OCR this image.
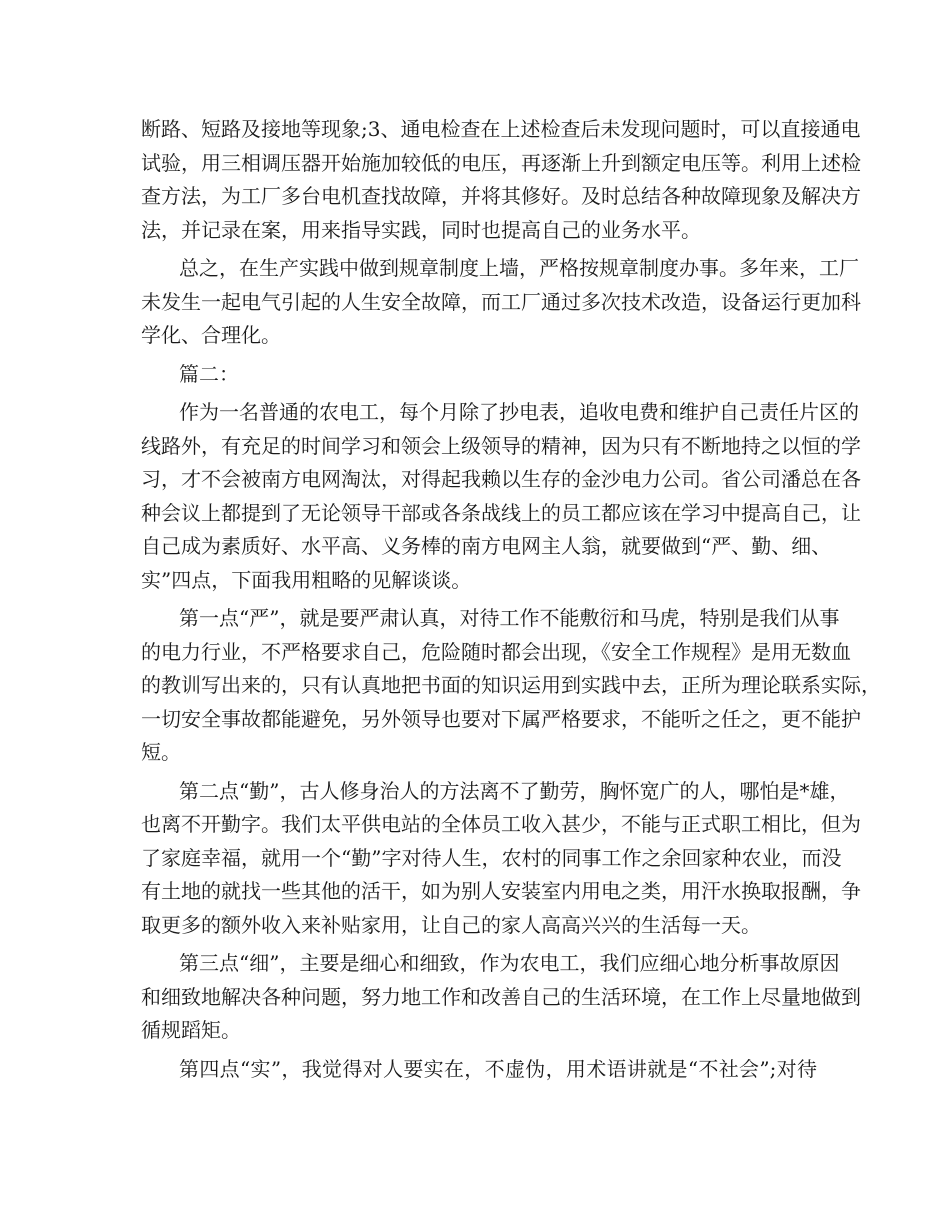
断路、短路及接地等现象;3、通电检查在上述检查后未发现问题时，可以直接通电
试验，用三相调压器开始施加较低的电压，再逐渐上升到额定电压等。利用上述检
查方法，为工厂多台电机查找故障，并将其修好。及时总结各种故障现象及解决方
法，并记录在案，用来指导实践，同时也提高自己的业务水平。

总之，在生产实践中做到规章制度上墙，严格按规章制度办事。多年来，工厂
未发生一起电气引起的人生安全故障，而工厂通过多次技术改造，设备运行更加科
学化、合理化。

篇二：

作为一名普通的农电工，每个月除了抄电表，追收电费和维护自己责任片区的
线路外，有充足的时间学习和领会上级领导的精神，因为只有不断地持之以恒的学
习，才不会被南方电网淘汰，对得起我赖以生存的金沙电力公司。省公司潘总在各
种会议上都提到了无论领导干部或各条战线上的员工都应该在学习中提高自己，让
自己成为素质好、水平高、义务棒的南方电网主人翁，就要做到“严、勤、细、
实”四点，下面我用粗略的见解谈谈。

第一点“严”，就是要严肃认真，对待工作不能敷衍和马虎，特别是我们从事
的电力行业，不严格要求自己，危险随时都会出现，《安全工作规程》是用无数血
的教训写出来的，只有认真地把书面的知识运用到实践中去，正所为理论联系实际，
一切安全事故都能避免，另外领导也要对下属严格要求，不能听之任之，更不能护
短。

第二点“勤”，古人修身治人的方法离不了勤劳，胸怀宽广的人，哪怕是*雄，
也离不开勤字。我们太平供电站的全体员工收入甚少，不能与正式职工相比，但为
了家庭幸福，就用一个“勤”字对待人生，农村的同事工作之余回家种农业，而没
有土地的就找一些其他的活干，如为别人安装室内用电之类，用汗水换取报酬，争
取更多的额外收入来补贴家用，让自己的家人高高兴兴的生活每一天。

第三点“细”，主要是细心和细致，作为农电工，我们应细心地分析事故原因
和细致地解决各种问题，努力地工作和改善自己的生活环境，在工作上尽量地做到
循规蹈矩。

第四点“实”，我觉得对人要实在，不虚伪，用术语讲就是“不社会”;对待
